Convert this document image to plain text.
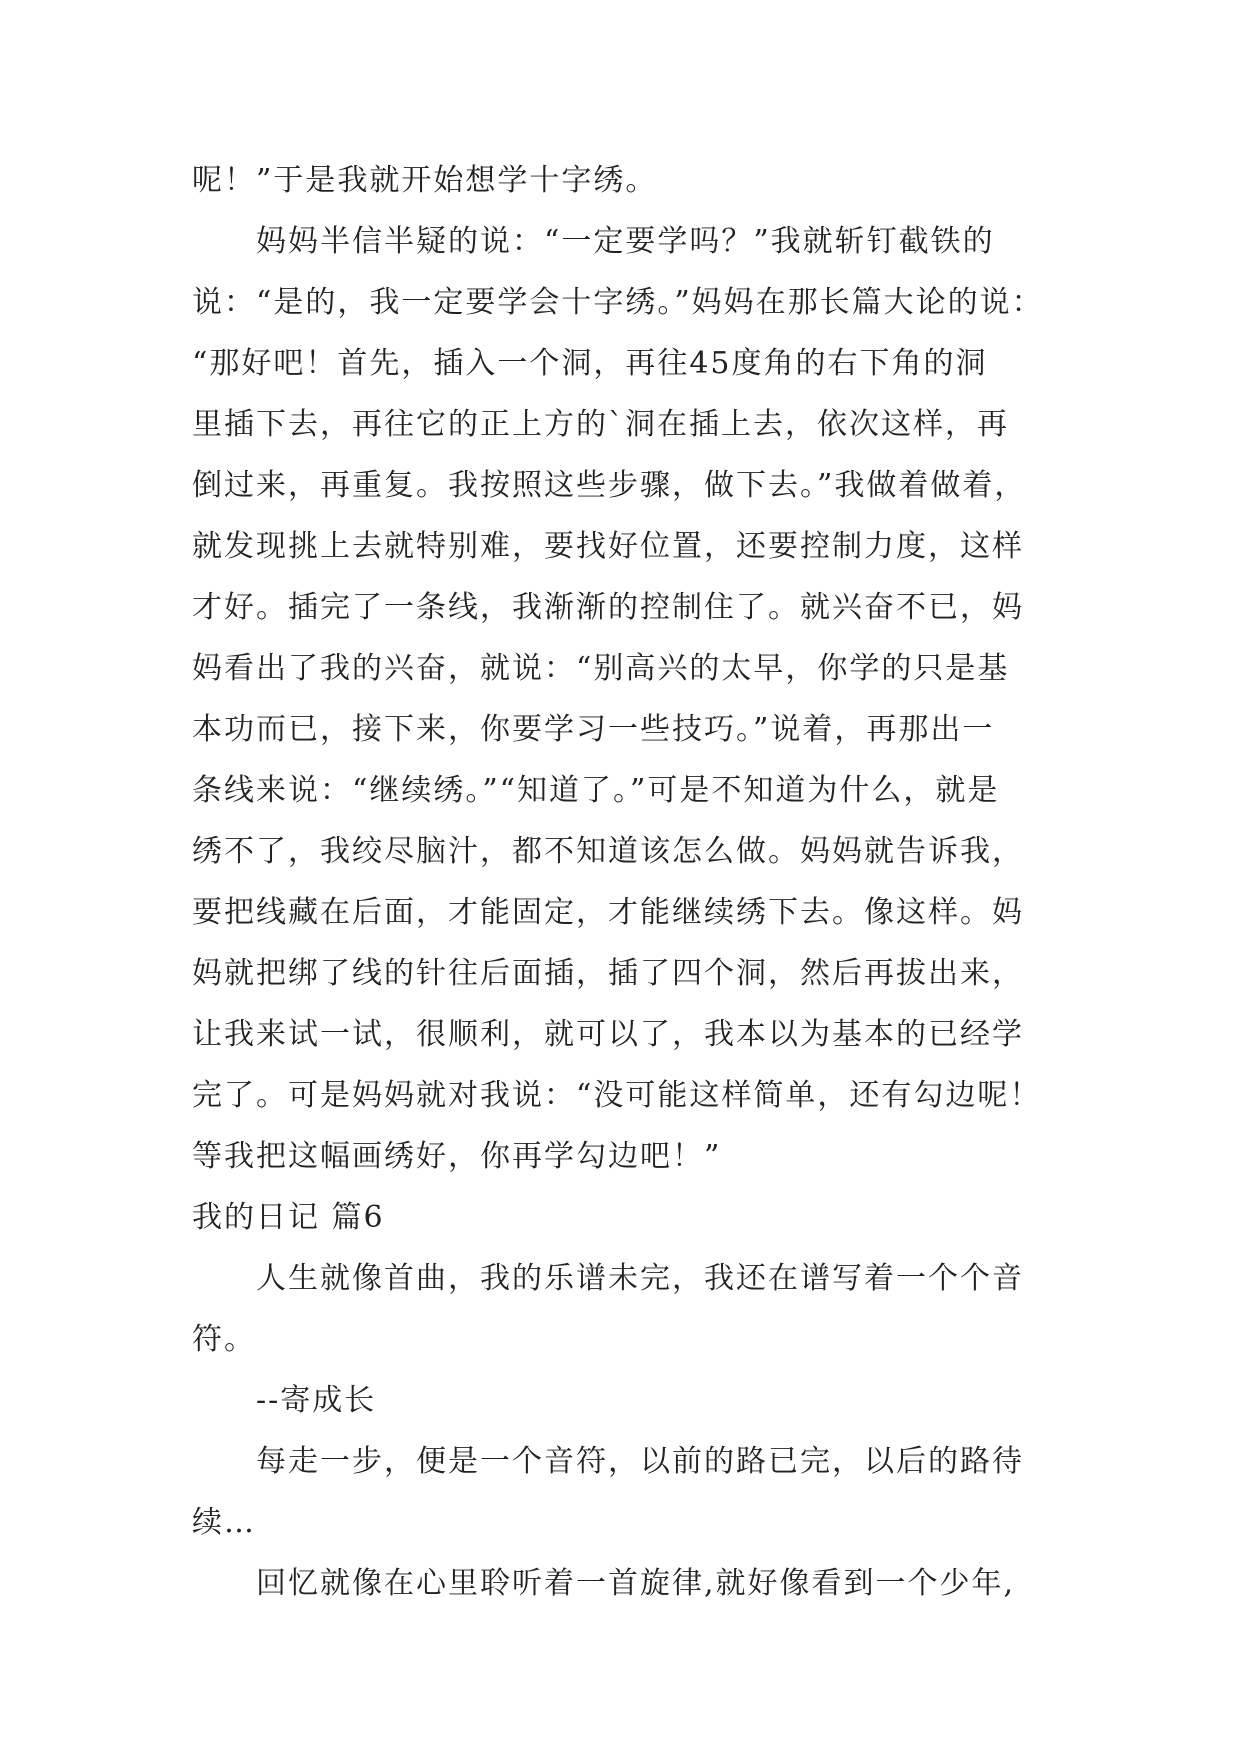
呢！”于是我就开始想学十字绣。
妈妈半信半疑的说：“一定要学吗？”我就斩钉截铁的
说：“是的，我一定要学会十字绣。”妈妈在那长篇大论的说：
“那好吧！首先，插入一个洞，再往45度角的右下角的洞
里插下去，再往它的正上方的`洞在插上去，依次这样，再
倒过来，再重复。我按照这些步骤，做下去。”我做着做着，
就发现挑上去就特别难，要找好位置，还要控制力度，这样
才好。插完了一条线，我渐渐的控制住了。就兴奋不已，妈
妈看出了我的兴奋，就说：“别高兴的太早，你学的只是基
本功而已，接下来，你要学习一些技巧。”说着，再那出一
条线来说：“继续绣。”“知道了。”可是不知道为什么，就是
绣不了，我绞尽脑汁，都不知道该怎么做。妈妈就告诉我，
要把线藏在后面，才能固定，才能继续绣下去。像这样。妈
妈就把绑了线的针往后面插，插了四个洞，然后再拔出来，
让我来试一试，很顺利，就可以了，我本以为基本的已经学
完了。可是妈妈就对我说：“没可能这样简单，还有勾边呢！
等我把这幅画绣好，你再学勾边吧！”
我的日记 篇6
人生就像首曲，我的乐谱未完，我还在谱写着一个个音
符。
--寄成长
每走一步，便是一个音符，以前的路已完，以后的路待
续…
回忆就像在心里聆听着一首旋律,就好像看到一个少年,
